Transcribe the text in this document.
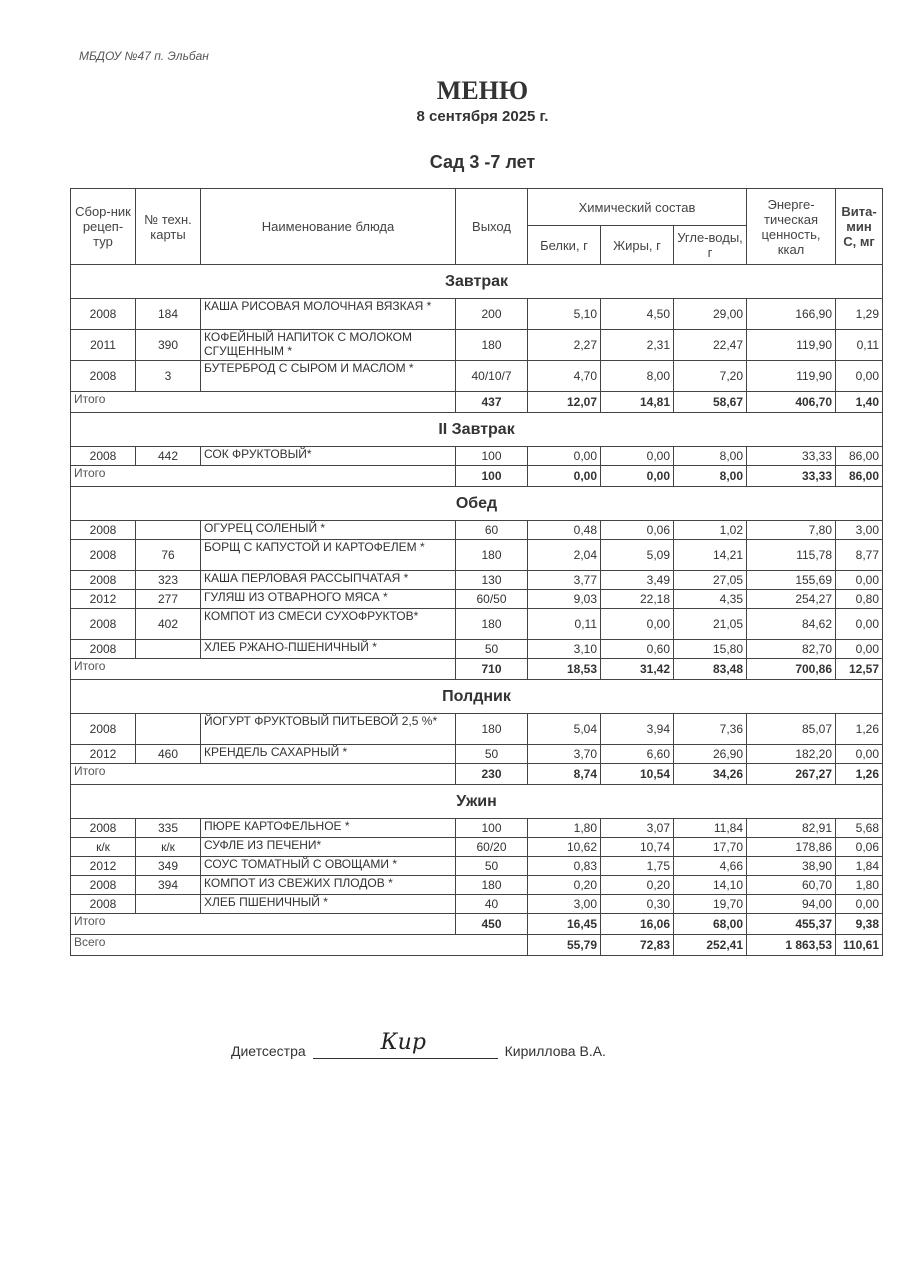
МБДОУ №47 п. Эльбан
МЕНЮ
8 сентября 2025 г.
Сад 3 -7 лет
Сбор-ник рецеп-тур	№ техн. карты	Наименование блюда	Выход	Химический состав			Энерге-тическая ценность, ккал	Вита-мин С, мг
				Белки, г	Жиры, г	Угле-воды, г		
Завтрак								
2008	184	КАША РИСОВАЯ МОЛОЧНАЯ ВЯЗКАЯ *	200	5,10	4,50	29,00	166,90	1,29
2011	390	КОФЕЙНЫЙ НАПИТОК С МОЛОКОМ СГУЩЕННЫМ *	180	2,27	2,31	22,47	119,90	0,11
2008	3	БУТЕРБРОД С СЫРОМ И МАСЛОМ *	40/10/7	4,70	8,00	7,20	119,90	0,00
Итого			437	12,07	14,81	58,67	406,70	1,40
II Завтрак								
2008	442	СОК ФРУКТОВЫЙ*	100	0,00	0,00	8,00	33,33	86,00
Итого			100	0,00	0,00	8,00	33,33	86,00
Обед								
2008		ОГУРЕЦ СОЛЕНЫЙ *	60	0,48	0,06	1,02	7,80	3,00
2008	76	БОРЩ С КАПУСТОЙ И КАРТОФЕЛЕМ *	180	2,04	5,09	14,21	115,78	8,77
2008	323	КАША ПЕРЛОВАЯ РАССЫПЧАТАЯ *	130	3,77	3,49	27,05	155,69	0,00
2012	277	ГУЛЯШ ИЗ ОТВАРНОГО МЯСА *	60/50	9,03	22,18	4,35	254,27	0,80
2008	402	КОМПОТ ИЗ СМЕСИ СУХОФРУКТОВ*	180	0,11	0,00	21,05	84,62	0,00
2008		ХЛЕБ РЖАНО-ПШЕНИЧНЫЙ *	50	3,10	0,60	15,80	82,70	0,00
Итого			710	18,53	31,42	83,48	700,86	12,57
Полдник								
2008		ЙОГУРТ ФРУКТОВЫЙ ПИТЬЕВОЙ 2,5 %*	180	5,04	3,94	7,36	85,07	1,26
2012	460	КРЕНДЕЛЬ САХАРНЫЙ *	50	3,70	6,60	26,90	182,20	0,00
Итого			230	8,74	10,54	34,26	267,27	1,26
Ужин								
2008	335	ПЮРЕ КАРТОФЕЛЬНОЕ *	100	1,80	3,07	11,84	82,91	5,68
к/к	к/к	СУФЛЕ ИЗ ПЕЧЕНИ*	60/20	10,62	10,74	17,70	178,86	0,06
2012	349	СОУС ТОМАТНЫЙ С ОВОЩАМИ *	50	0,83	1,75	4,66	38,90	1,84
2008	394	КОМПОТ ИЗ СВЕЖИХ ПЛОДОВ *	180	0,20	0,20	14,10	60,70	1,80
2008		ХЛЕБ ПШЕНИЧНЫЙ *	40	3,00	0,30	19,70	94,00	0,00
Итого			450	16,45	16,06	68,00	455,37	9,38
Всего				55,79	72,83	252,41	1 863,53	110,61
Диетсестра	Кир	Кириллова В.А.
